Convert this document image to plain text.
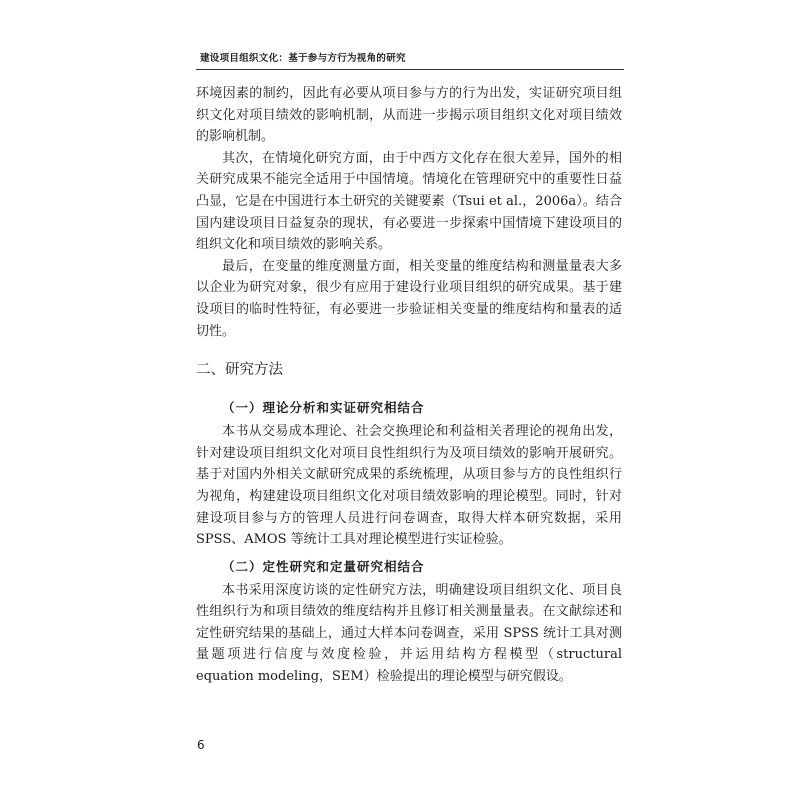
建设项目组织文化：基于参与方行为视角的研究

环境因素的制约，因此有必要从项目参与方的行为出发，实证研究项目组织文化对项目绩效的影响机制，从而进一步揭示项目组织文化对项目绩效的影响机制。

其次，在情境化研究方面，由于中西方文化存在很大差异，国外的相关研究成果不能完全适用于中国情境。情境化在管理研究中的重要性日益凸显，它是在中国进行本土研究的关键要素（Tsui et al.，2006a）。结合国内建设项目日益复杂的现状，有必要进一步探索中国情境下建设项目的组织文化和项目绩效的影响关系。

最后，在变量的维度测量方面，相关变量的维度结构和测量量表大多以企业为研究对象，很少有应用于建设行业项目组织的研究成果。基于建设项目的临时性特征，有必要进一步验证相关变量的维度结构和量表的适切性。

二、研究方法
（一）理论分析和实证研究相结合

本书从交易成本理论、社会交换理论和利益相关者理论的视角出发，针对建设项目组织文化对项目良性组织行为及项目绩效的影响开展研究。基于对国内外相关文献研究成果的系统梳理，从项目参与方的良性组织行为视角，构建建设项目组织文化对项目绩效影响的理论模型。同时，针对建设项目参与方的管理人员进行问卷调查，取得大样本研究数据，采用 SPSS、AMOS 等统计工具对理论模型进行实证检验。

（二）定性研究和定量研究相结合

本书采用深度访谈的定性研究方法，明确建设项目组织文化、项目良性组织行为和项目绩效的维度结构并且修订相关测量量表。在文献综述和定性研究结果的基础上，通过大样本问卷调查，采用 SPSS 统计工具对测量题项进行信度与效度检验，并运用结构方程模型（structural equation modeling，SEM）检验提出的理论模型与研究假设。

6
